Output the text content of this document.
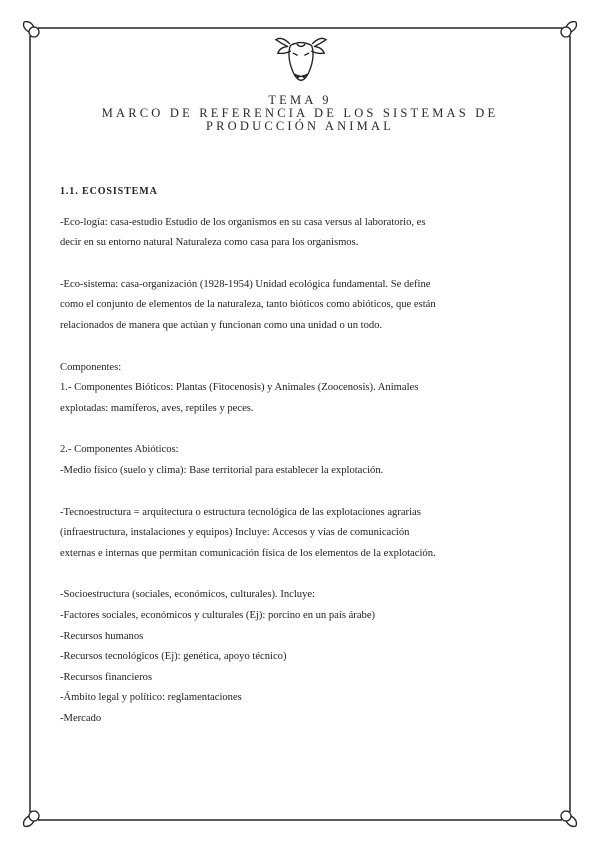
TEMA 9
MARCO DE REFERENCIA DE LOS SISTEMAS DE
PRODUCCIÓN ANIMAL
1.1. ECOSISTEMA
-Eco-logía: casa-estudio Estudio de los organismos en su casa versus al laboratorio, es
decir en su entorno natural Naturaleza como casa para los organismos.
-Eco-sistema: casa-organización (1928-1954) Unidad ecológica fundamental. Se define
como el conjunto de elementos de la naturaleza, tanto bióticos como abióticos, que están
relacionados de manera que actúan y funcionan como una unidad o un todo.
Componentes:
1.- Componentes Bióticos: Plantas (Fitocenosis) y Animales (Zoocenosis). Animales
explotadas: mamíferos, aves, reptiles y peces.
2.- Componentes Abióticos:
-Medio físico (suelo y clima): Base territorial para establecer la explotación.
-Tecnoestructura = arquitectura o estructura tecnológica de las explotaciones agrarias
(infraestructura, instalaciones y equipos) Incluye: Accesos y vías de comunicación
externas e internas que permitan comunicación física de los elementos de la explotación.
-Socioestructura (sociales, económicos, culturales). Incluye:
-Factores sociales, económicos y culturales (Ej): porcino en un país árabe)
-Recursos humanos
-Recursos tecnológicos (Ej): genética, apoyo técnico)
-Recursos financieros
-Ámbito legal y político: reglamentaciones
-Mercado
